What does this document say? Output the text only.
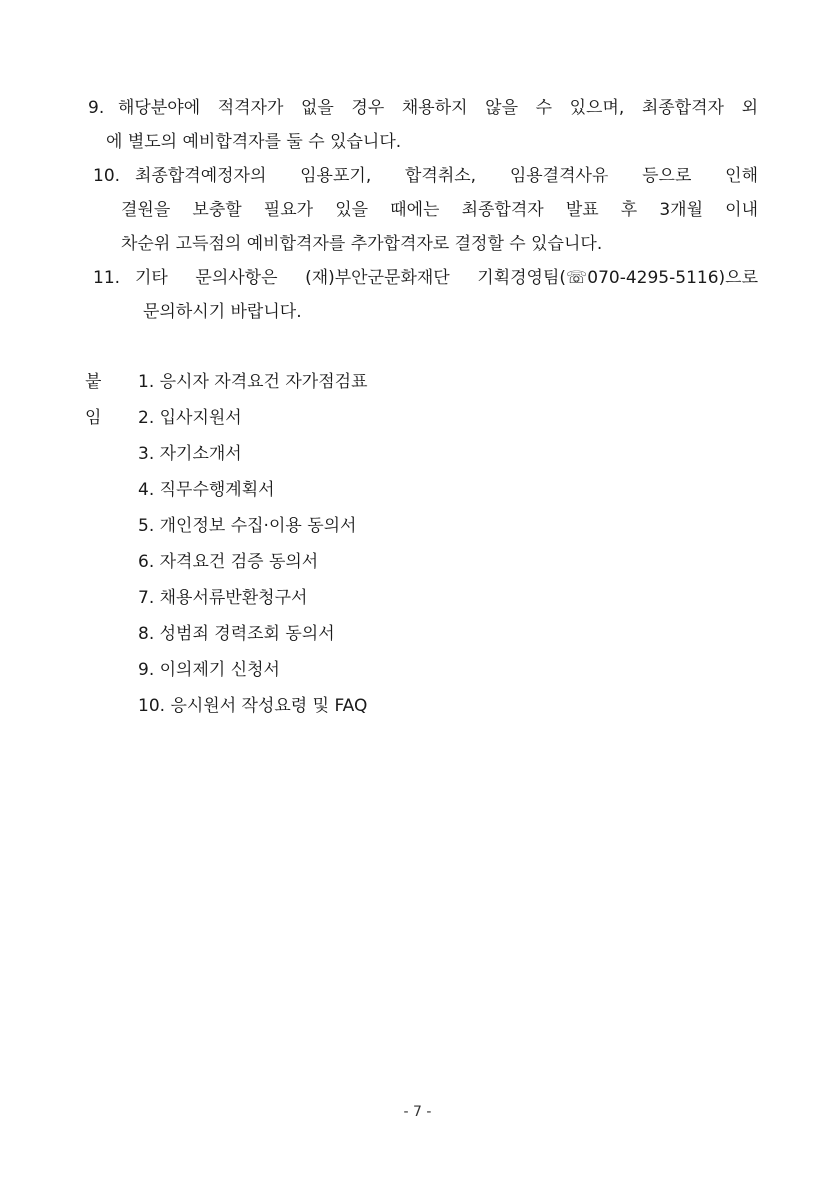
9. 해당분야에 적격자가 없을 경우 채용하지 않을 수 있으며, 최종합격자 외
에 별도의 예비합격자를 둘 수 있습니다.
10. 최종합격예정자의 임용포기, 합격취소, 임용결격사유 등으로 인해
결원을 보충할 필요가 있을 때에는 최종합격자 발표 후 3개월 이내
차순위 고득점의 예비합격자를 추가합격자로 결정할 수 있습니다.
11. 기타 문의사항은 (재)부안군문화재단 기획경영팀(☏070-4295-5116)으로
문의하시기 바랍니다.
붙임
1. 응시자 자격요건 자가점검표
2. 입사지원서
3. 자기소개서
4. 직무수행계획서
5. 개인정보 수집·이용 동의서
6. 자격요건 검증 동의서
7. 채용서류반환청구서
8. 성범죄 경력조회 동의서
9. 이의제기 신청서
10. 응시원서 작성요령 및 FAQ
- 7 -
